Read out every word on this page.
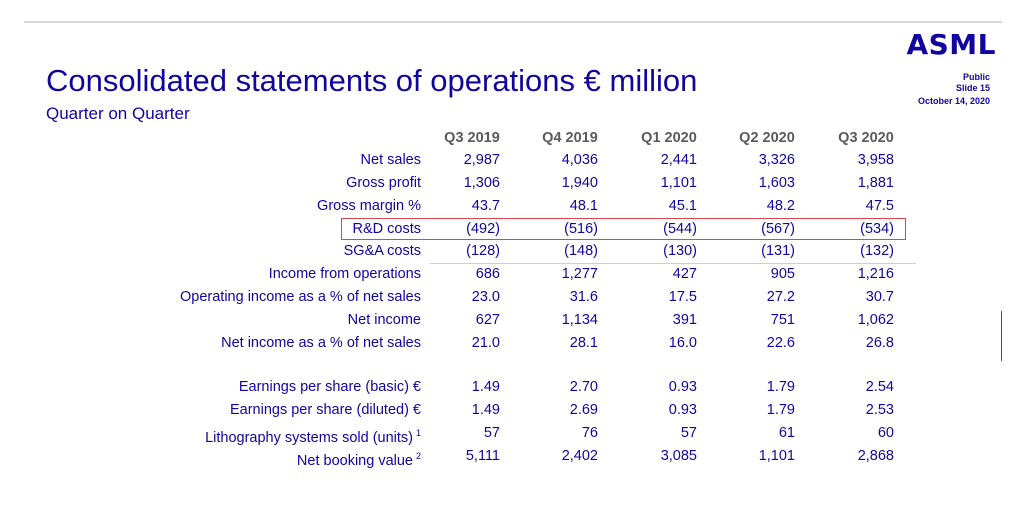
ASML
Public
Slide 15
October 14, 2020
Consolidated statements of operations € million
Quarter on Quarter
Q3 2019	Q4 2019	Q1 2020	Q2 2020	Q3 2020
Net sales	2,987	4,036	2,441	3,326	3,958
Gross profit	1,306	1,940	1,101	1,603	1,881
Gross margin %	43.7	48.1	45.1	48.2	47.5
R&D costs	(492)	(516)	(544)	(567)	(534)
SG&A costs	(128)	(148)	(130)	(131)	(132)
Income from operations	686	1,277	427	905	1,216
Operating income as a % of net sales	23.0	31.6	17.5	27.2	30.7
Net income	627	1,134	391	751	1,062
Net income as a % of net sales	21.0	28.1	16.0	22.6	26.8
Earnings per share (basic) €	1.49	2.70	0.93	1.79	2.54
Earnings per share (diluted) €	1.49	2.69	0.93	1.79	2.53
Lithography systems sold (units) $^1$	57	76	57	61	60
Net booking value $^2$	5,111	2,402	3,085	1,101	2,868
